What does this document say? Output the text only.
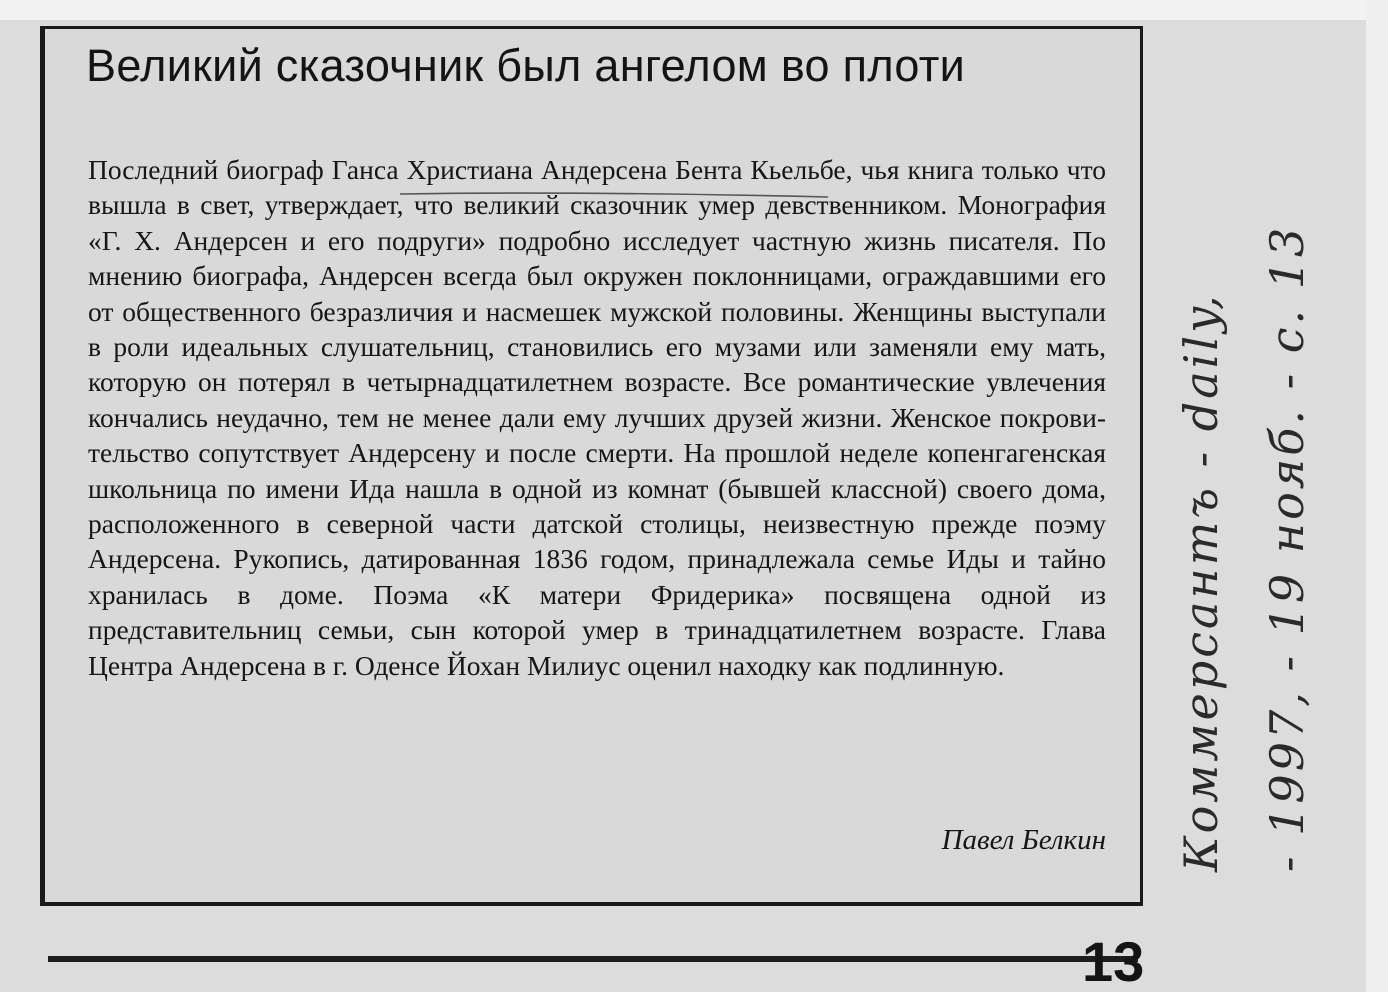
Великий сказочник был ангелом во плоти

Последний биограф Ганса Христиана Андерсена Бента Кьельбе, чья книга только что вышла в свет, утверждает, что великий сказочник умер девственником. Монография «Г. Х. Андерсен и его подруги» подробно исследует частную жизнь писателя. По мнению биографа, Андерсен всегда был окружен поклонницами, ограждавшими его от общественного безразличия и насмешек мужской половины. Женщины выступали в роли идеальных слушательниц, становились его музами или заменяли ему мать, которую он потерял в четырнадцатилетнем возрасте. Все романтические увлечения кончались неудачно, тем не менее дали ему лучших друзей жизни. Женское покровительство сопутствует Андерсену и после смерти. На прошлой неделе копенгагенская школьница по имени Ида нашла в одной из комнат (бывшей классной) своего дома, расположенного в северной части датской столицы, неизвестную прежде поэму Андерсена. Рукопись, датированная 1836 годом, принадлежала семье Иды и тайно хранилась в доме. Поэма «К матери Фридерика» посвящена одной из представительниц семьи, сын которой умер в тринадцатилетнем возрасте. Глава Центра Андерсена в г. Оденсе Йохан Милиус оценил находку как подлинную.

Павел Белкин Коммерсантъ - daily, - 1997, - 19 нояб. - с. 13

13
